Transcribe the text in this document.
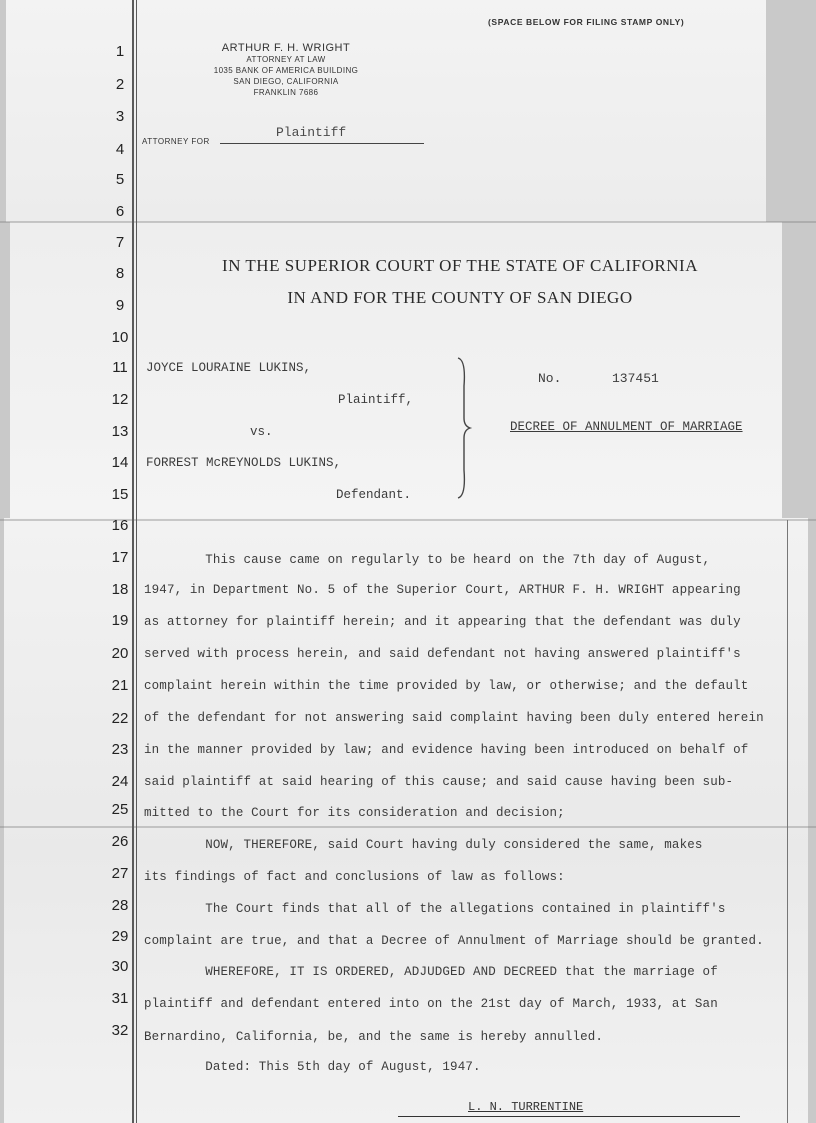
1
2
3
4
5
6
7
8
9
10
11
12
13
14
15
16
17
18
19
20
21
22
23
24
25
26
27
28
29
30
31
32
(SPACE BELOW FOR FILING STAMP ONLY)
ARTHUR F. H. WRIGHT
ATTORNEY AT LAW
1035 BANK OF AMERICA BUILDING
SAN DIEGO, CALIFORNIA
FRANKLIN 7686
ATTORNEY FOR
Plaintiff
IN THE SUPERIOR COURT OF THE STATE OF CALIFORNIA
IN AND FOR THE COUNTY OF SAN DIEGO
JOYCE LOURAINE LUKINS,
Plaintiff,
vs.
FORREST McREYNOLDS LUKINS,
Defendant.
No.	137451
DECREE OF ANNULMENT OF MARRIAGE
This cause came on regularly to be heard on the 7th day of August,
1947, in Department No. 5 of the Superior Court, ARTHUR F. H. WRIGHT appearing
as attorney for plaintiff herein; and it appearing that the defendant was duly
served with process herein, and said defendant not having answered plaintiff's
complaint herein within the time provided by law, or otherwise; and the default
of the defendant for not answering said complaint having been duly entered herein
in the manner provided by law; and evidence having been introduced on behalf of
said plaintiff at said hearing of this cause; and said cause having been sub-
mitted to the Court for its consideration and decision;
NOW, THEREFORE, said Court having duly considered the same, makes
its findings of fact and conclusions of law as follows:
The Court finds that all of the allegations contained in plaintiff's
complaint are true, and that a Decree of Annulment of Marriage should be granted.
WHEREFORE, IT IS ORDERED, ADJUDGED AND DECREED that the marriage of
plaintiff and defendant entered into on the 21st day of March, 1933, at San
Bernardino, California, be, and the same is hereby annulled.
Dated: This 5th day of August, 1947.
L. N. TURRENTINE
